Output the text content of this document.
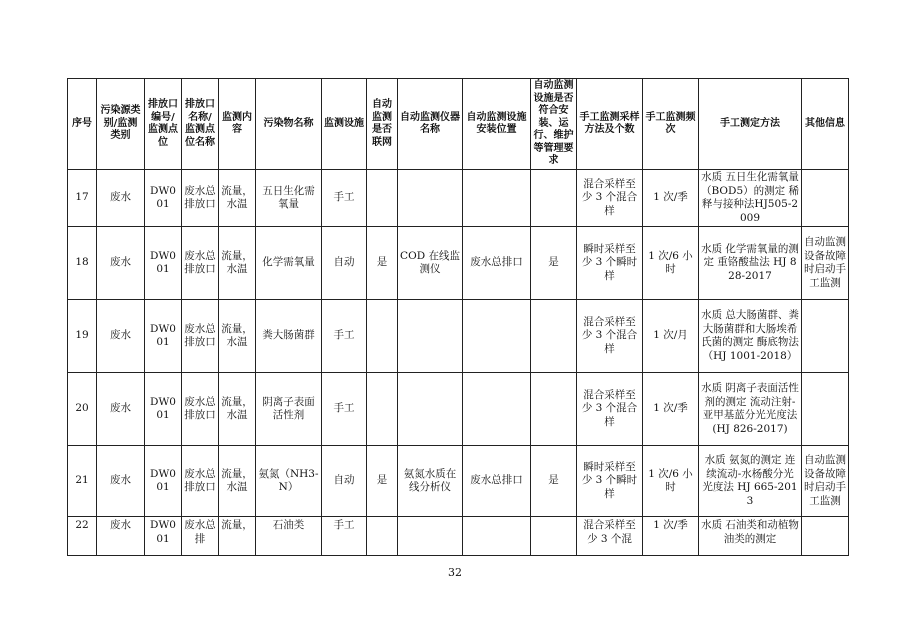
序号	污染源类别/监测类别	排放口编号/监测点位	排放口名称/监测点位名称	监测内容	污染物名称	监测设施	自动监测是否联网	自动监测仪器名称	自动监测设施安装位置	自动监测设施是否符合安装、运行、维护等管理要求	手工监测采样方法及个数	手工监测频次	手工测定方法	其他信息
17	废水	DW001	废水总排放口	流量，水温	五日生化需氧量	手工					混合采样至少 3 个混合样	1 次/季	水质 五日生化需氧量（BOD5）的测定 稀释与接种法HJ505-2009	
18	废水	DW001	废水总排放口	流量，水温	化学需氧量	自动	是	COD 在线监测仪	废水总排口	是	瞬时采样至少 3 个瞬时样	1 次/6 小时	水质 化学需氧量的测定 重铬酸盐法 HJ 828-2017	自动监测设备故障时启动手工监测
19	废水	DW001	废水总排放口	流量，水温	粪大肠菌群	手工					混合采样至少 3 个混合样	1 次/月	水质 总大肠菌群、粪大肠菌群和大肠埃希氏菌的测定 酶底物法（HJ 1001-2018）	
20	废水	DW001	废水总排放口	流量，水温	阴离子表面活性剂	手工					混合采样至少 3 个混合样	1 次/季	水质 阴离子表面活性剂的测定 流动注射-亚甲基蓝分光光度法(HJ 826-2017)	
21	废水	DW001	废水总排放口	流量，水温	氨氮（NH3-N）	自动	是	氨氮水质在线分析仪	废水总排口	是	瞬时采样至少 3 个瞬时样	1 次/6 小时	水质 氨氮的测定 连续流动-水杨酸分光光度法 HJ 665-2013	自动监测设备故障时启动手工监测
22	废水	DW001	废水总排	流量，	石油类	手工					混合采样至少 3 个混	1 次/季	水质 石油类和动植物油类的测定	
32
